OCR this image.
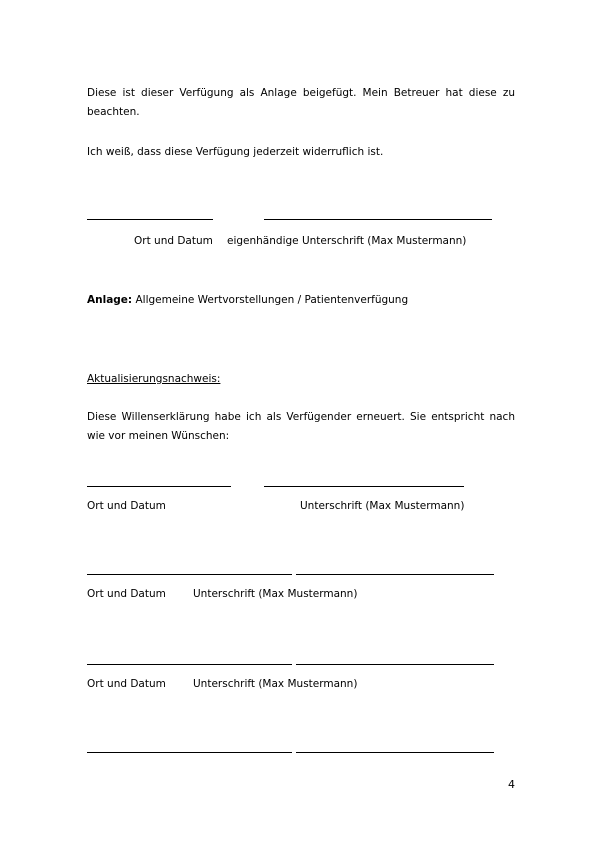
Diese ist dieser Verfügung als Anlage beigefügt. Mein Betreuer hat diese zu
beachten.
Ich weiß, dass diese Verfügung jederzeit widerruflich ist.
Ort und Datum eigenhändige Unterschrift (Max Mustermann)
Anlage: Allgemeine Wertvorstellungen / Patientenverfügung
Aktualisierungsnachweis:
Diese Willenserklärung habe ich als Verfügender erneuert. Sie entspricht nach
wie vor meinen Wünschen:
Ort und Datum	Unterschrift (Max Mustermann)
Ort und Datum	Unterschrift (Max Mustermann)
Ort und Datum	Unterschrift (Max Mustermann)
4
